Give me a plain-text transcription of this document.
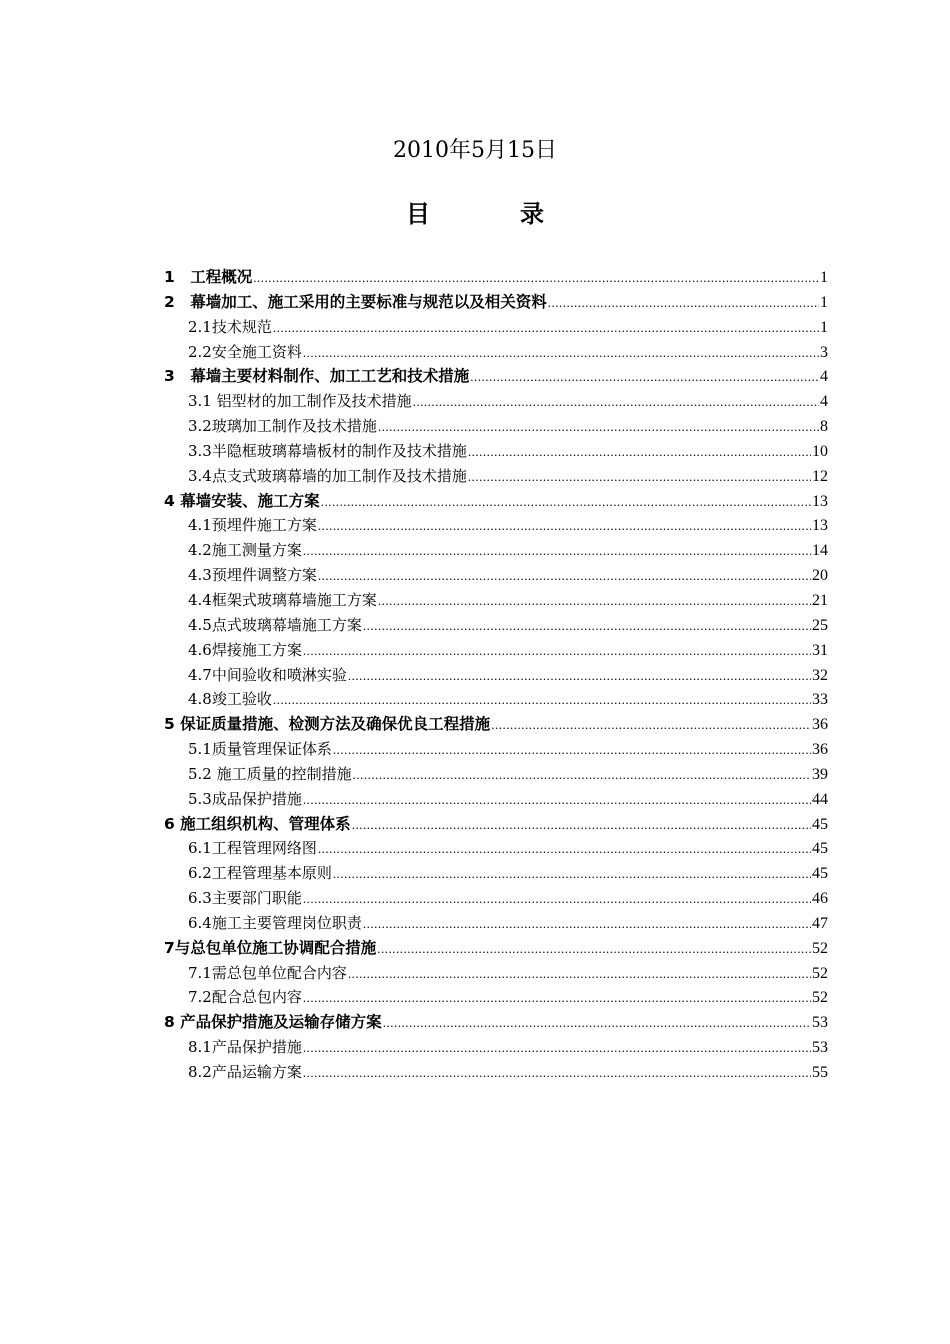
2010年5月15日
目	录
1　工程概况 .....	1
2　幕墙加工、施工采用的主要标准与规范以及相关资料 .....	1
2.1技术规范 .....	1
2.2安全施工资料 .....	3
3　幕墙主要材料制作、加工工艺和技术措施 .....	4
3.1 铝型材的加工制作及技术措施 .....	4
3.2玻璃加工制作及技术措施 .....	8
3.3半隐框玻璃幕墙板材的制作及技术措施 .....	10
3.4点支式玻璃幕墙的加工制作及技术措施 .....	12
4 幕墙安装、施工方案 .....	13
4.1预埋件施工方案 .....	13
4.2施工测量方案 .....	14
4.3预埋件调整方案 .....	20
4.4框架式玻璃幕墙施工方案 .....	21
4.5点式玻璃幕墙施工方案 .....	25
4.6焊接施工方案 .....	31
4.7中间验收和喷淋实验 .....	32
4.8竣工验收 .....	33
5 保证质量措施、检测方法及确保优良工程措施 .....	36
5.1质量管理保证体系 .....	36
5.2 施工质量的控制措施 .....	39
5.3成品保护措施 .....	44
6 施工组织机构、管理体系 .....	45
6.1工程管理网络图 .....	45
6.2工程管理基本原则 .....	45
6.3主要部门职能 .....	46
6.4施工主要管理岗位职责 .....	47
7与总包单位施工协调配合措施 .....	52
7.1需总包单位配合内容 .....	52
7.2配合总包内容 .....	52
8 产品保护措施及运输存储方案 .....	53
8.1产品保护措施 .....	53
8.2产品运输方案 .....	55
